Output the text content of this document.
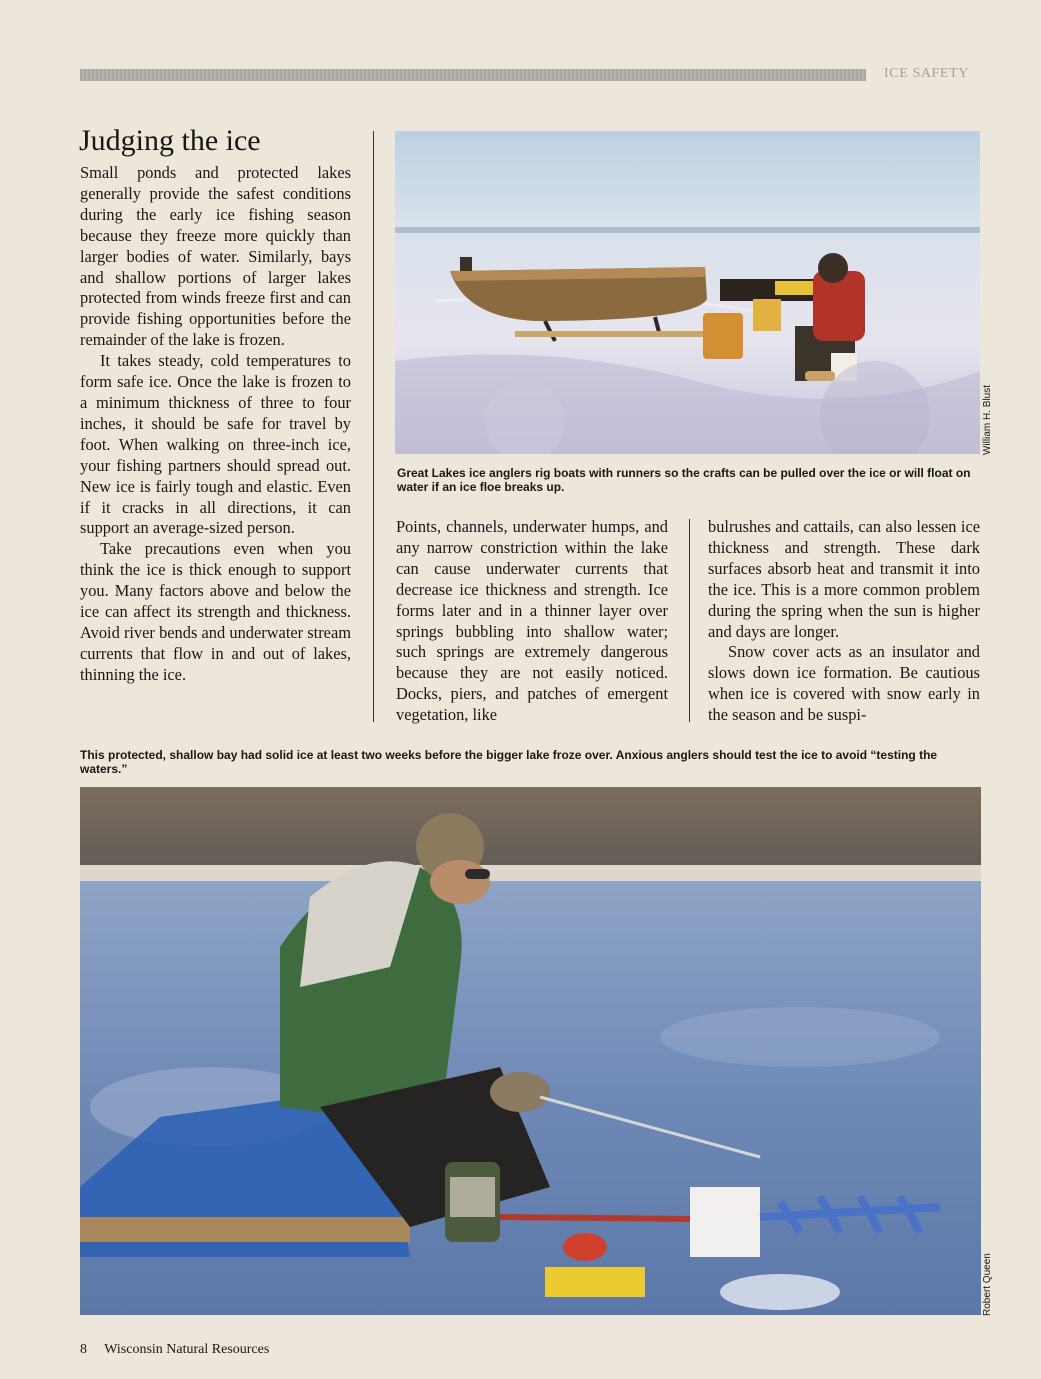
ICE SAFETY
Judging the ice

Small ponds and protected lakes generally provide the safest conditions during the early ice fishing season because they freeze more quickly than larger bodies of water. Similarly, bays and shallow portions of larger lakes protected from winds freeze first and can provide fishing opportunities before the remainder of the lake is frozen.

It takes steady, cold temperatures to form safe ice. Once the lake is frozen to a minimum thickness of three to four inches, it should be safe for travel by foot. When walking on three-inch ice, your fishing partners should spread out. New ice is fairly tough and elastic. Even if it cracks in all directions, it can support an average-sized person.

Take precautions even when you think the ice is thick enough to support you. Many factors above and below the ice can affect its strength and thickness. Avoid river bends and underwater stream currents that flow in and out of lakes, thinning the ice.

Great Lakes ice anglers rig boats with runners so the crafts can be pulled over the ice or will float on water if an ice floe breaks up.
William H. Blust

Points, channels, underwater humps, and any narrow constriction within the lake can cause underwater currents that decrease ice thickness and strength. Ice forms later and in a thinner layer over springs bubbling into shallow water; such springs are extremely dangerous because they are not easily noticed. Docks, piers, and patches of emergent vegetation, like

bulrushes and cattails, can also lessen ice thickness and strength. These dark surfaces absorb heat and transmit it into the ice. This is a more common problem during the spring when the sun is higher and days are longer.

Snow cover acts as an insulator and slows down ice formation. Be cautious when ice is covered with snow early in the season and be suspi-

This protected, shallow bay had solid ice at least two weeks before the bigger lake froze over. Anxious anglers should test the ice to avoid “testing the waters.”
Robert Queen
8 Wisconsin Natural Resources
